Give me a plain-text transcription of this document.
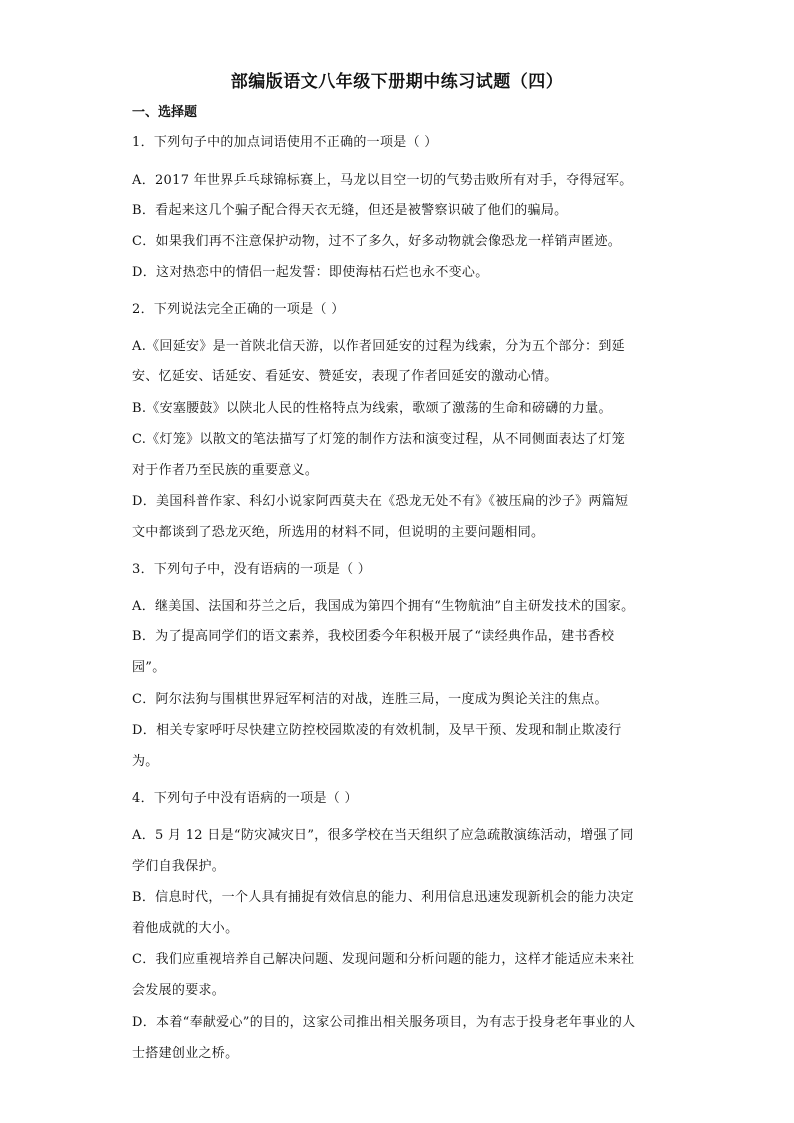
部编版语文八年级下册期中练习试题（四）
一、选择题
1．下列句子中的加点词语使用不正确的一项是（ ）
A．2017 年世界乒乓球锦标赛上，马龙以目空一切的气势击败所有对手，夺得冠军。
B．看起来这几个骗子配合得天衣无缝，但还是被警察识破了他们的骗局。
C．如果我们再不注意保护动物，过不了多久，好多动物就会像恐龙一样销声匿迹。
D．这对热恋中的情侣一起发誓：即使海枯石烂也永不变心。
2．下列说法完全正确的一项是（ ）
A.《回延安》是一首陕北信天游，以作者回延安的过程为线索，分为五个部分：到延
安、忆延安、话延安、看延安、赞延安，表现了作者回延安的激动心情。
B.《安塞腰鼓》以陕北人民的性格特点为线索，歌颂了激荡的生命和磅礴的力量。
C.《灯笼》以散文的笔法描写了灯笼的制作方法和演变过程，从不同侧面表达了灯笼
对于作者乃至民族的重要意义。
D．美国科普作家、科幻小说家阿西莫夫在《恐龙无处不有》《被压扁的沙子》两篇短
文中都谈到了恐龙灭绝，所选用的材料不同，但说明的主要问题相同。
3．下列句子中，没有语病的一项是（ ）
A．继美国、法国和芬兰之后，我国成为第四个拥有“生物航油”自主研发技术的国家。
B．为了提高同学们的语文素养，我校团委今年积极开展了“读经典作品，建书香校
园”。
C．阿尔法狗与围棋世界冠军柯洁的对战，连胜三局，一度成为舆论关注的焦点。
D．相关专家呼吁尽快建立防控校园欺凌的有效机制，及早干预、发现和制止欺凌行
为。
4．下列句子中没有语病的一项是（ ）
A．5 月 12 日是“防灾减灾日”，很多学校在当天组织了应急疏散演练活动，增强了同
学们自我保护。
B．信息时代，一个人具有捕捉有效信息的能力、利用信息迅速发现新机会的能力决定
着他成就的大小。
C．我们应重视培养自己解决问题、发现问题和分析问题的能力，这样才能适应未来社
会发展的要求。
D．本着“奉献爱心”的目的，这家公司推出相关服务项目，为有志于投身老年事业的人
士搭建创业之桥。
